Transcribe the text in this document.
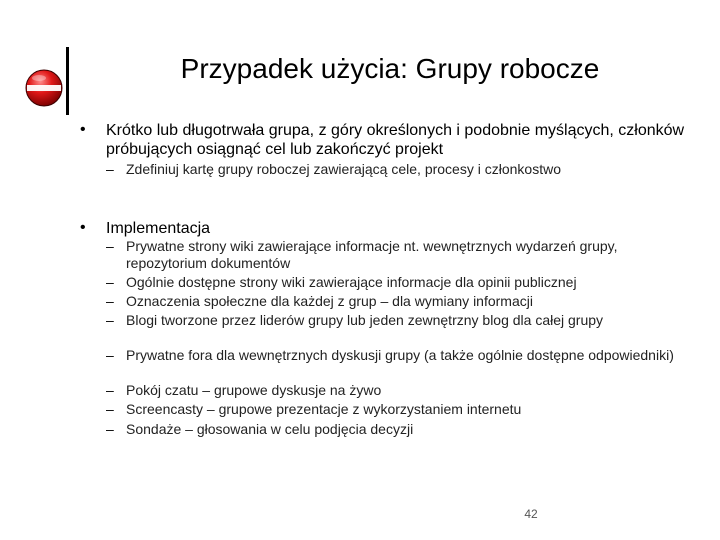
Przypadek użycia: Grupy robocze
• Krótko lub długotrwała grupa, z góry określonych i podobnie myślących, członków próbujących osiągnąć cel lub zakończyć projekt
– Zdefiniuj kartę grupy roboczej zawierającą cele, procesy i członkostwo
• Implementacja
– Prywatne strony wiki zawierające informacje nt. wewnętrznych wydarzeń grupy, repozytorium dokumentów
– Ogólnie dostępne strony wiki zawierające informacje dla opinii publicznej
– Oznaczenia społeczne dla każdej z grup – dla wymiany informacji
– Blogi tworzone przez liderów grupy lub jeden zewnętrzny blog dla całej grupy
– Prywatne fora dla wewnętrznych dyskusji grupy (a także ogólnie dostępne odpowiedniki)
– Pokój czatu – grupowe dyskusje na żywo
– Screencasty – grupowe prezentacje z wykorzystaniem internetu
– Sondaże – głosowania w celu podjęcia decyzji
42
